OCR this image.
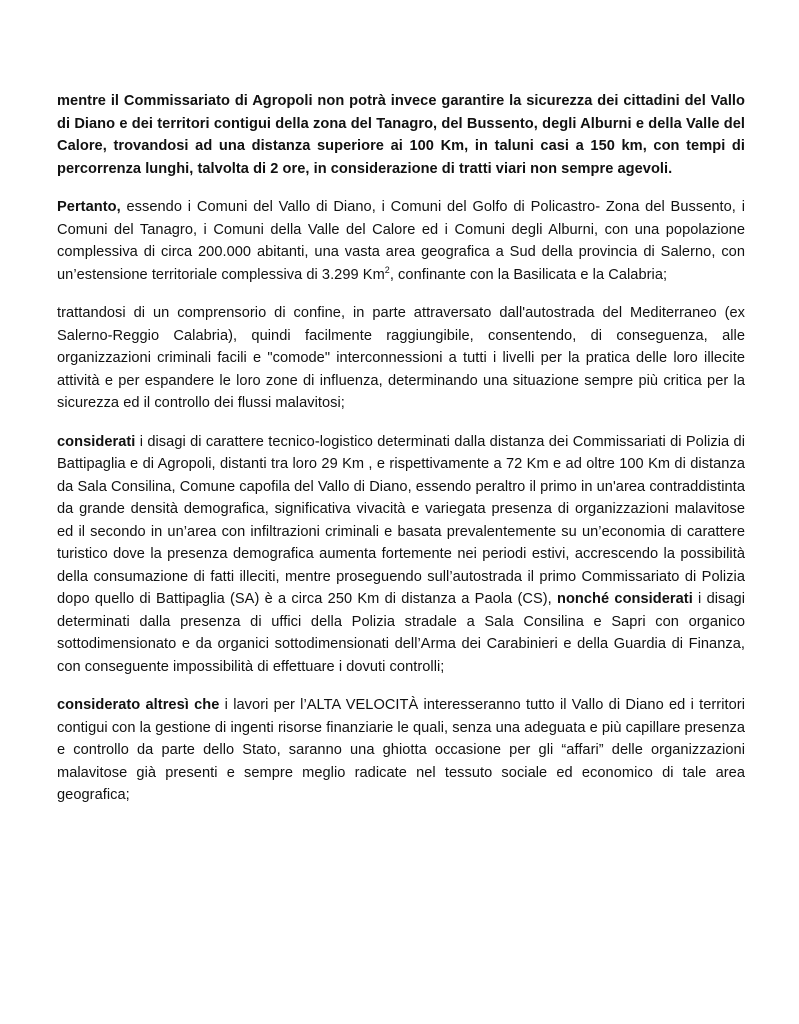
mentre il Commissariato di Agropoli non potrà invece garantire la sicurezza dei cittadini del Vallo di Diano e dei territori contigui della zona del Tanagro, del Bussento, degli Alburni e della Valle del Calore, trovandosi ad una distanza superiore ai 100 Km, in taluni casi a 150 km, con tempi di percorrenza lunghi, talvolta di 2 ore, in considerazione di tratti viari non sempre agevoli.

Pertanto, essendo i Comuni del Vallo di Diano, i Comuni del Golfo di Policastro- Zona del Bussento, i Comuni del Tanagro, i Comuni della Valle del Calore ed i Comuni degli Alburni, con una popolazione complessiva di circa 200.000 abitanti, una vasta area geografica a Sud della provincia di Salerno, con un’estensione territoriale complessiva di 3.299 Km$^2$, confinante con la Basilicata e la Calabria;

trattandosi di un comprensorio di confine, in parte attraversato dall'autostrada del Mediterraneo (ex Salerno-Reggio Calabria), quindi facilmente raggiungibile, consentendo, di conseguenza, alle organizzazioni criminali facili e "comode" interconnessioni a tutti i livelli per la pratica delle loro illecite attività e per espandere le loro zone di influenza, determinando una situazione sempre più critica per la sicurezza ed il controllo dei flussi malavitosi;

considerati i disagi di carattere tecnico-logistico determinati dalla distanza dei Commissariati di Polizia di Battipaglia e di Agropoli, distanti tra loro 29 Km , e rispettivamente a 72 Km e ad oltre 100 Km di distanza da Sala Consilina, Comune capofila del Vallo di Diano, essendo peraltro il primo in un'area contraddistinta da grande densità demografica, significativa vivacità e variegata presenza di organizzazioni malavitose ed il secondo in un’area con infiltrazioni criminali e basata prevalentemente su un’economia di carattere turistico dove la presenza demografica aumenta fortemente nei periodi estivi, accrescendo la possibilità della consumazione di fatti illeciti, mentre proseguendo sull’autostrada il primo Commissariato di Polizia dopo quello di Battipaglia (SA) è a circa 250 Km di distanza a Paola (CS), nonché considerati i disagi determinati dalla presenza di uffici della Polizia stradale a Sala Consilina e Sapri con organico sottodimensionato e da organici sottodimensionati dell’Arma dei Carabinieri e della Guardia di Finanza, con conseguente impossibilità di effettuare i dovuti controlli;

considerato altresì che i lavori per l’ALTA VELOCITÀ interesseranno tutto il Vallo di Diano ed i territori contigui con la gestione di ingenti risorse finanziarie le quali, senza una adeguata e più capillare presenza e controllo da parte dello Stato, saranno una ghiotta occasione per gli “affari” delle organizzazioni malavitose già presenti e sempre meglio radicate nel tessuto sociale ed economico di tale area geografica;
